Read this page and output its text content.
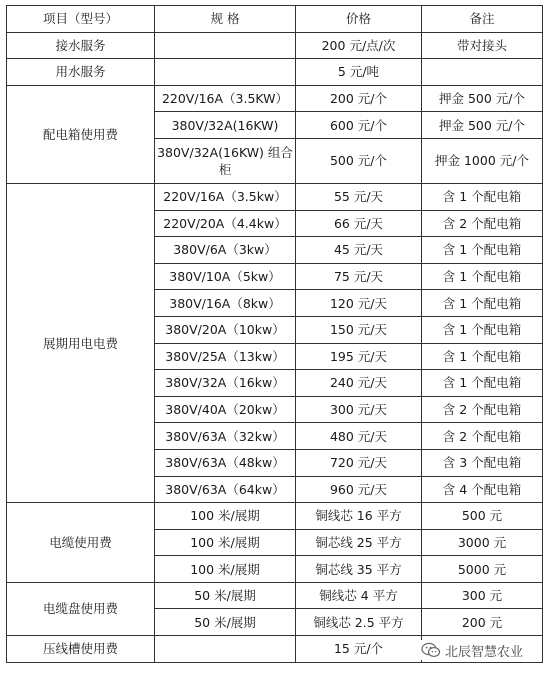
项目（型号）	规 格	价格	备注
接水服务		200 元/点/次	带对接头
用水服务		5 元/吨	
配电箱使用费	220V/16A（3.5KW）	200 元/个	押金 500 元/个
	380V/32A(16KW)	600 元/个	押金 500 元/个
	380V/32A(16KW) 组合柜	500 元/个	押金 1000 元/个
展期用电电费	220V/16A（3.5kw）	55 元/天	含 1 个配电箱
	220V/20A（4.4kw）	66 元/天	含 2 个配电箱
	380V/6A（3kw）	45 元/天	含 1 个配电箱
	380V/10A（5kw）	75 元/天	含 1 个配电箱
	380V/16A（8kw）	120 元/天	含 1 个配电箱
	380V/20A（10kw）	150 元/天	含 1 个配电箱
	380V/25A（13kw）	195 元/天	含 1 个配电箱
	380V/32A（16kw）	240 元/天	含 1 个配电箱
	380V/40A（20kw）	300 元/天	含 2 个配电箱
	380V/63A（32kw）	480 元/天	含 2 个配电箱
	380V/63A（48kw）	720 元/天	含 3 个配电箱
	380V/63A（64kw）	960 元/天	含 4 个配电箱
电缆使用费	100 米/展期	铜线芯 16 平方	500 元
	100 米/展期	铜芯线 25 平方	3000 元
	100 米/展期	铜芯线 35 平方	5000 元
电缆盘使用费	50 米/展期	铜线芯 4 平方	300 元
	50 米/展期	铜线芯 2.5 平方	200 元
压线槽使用费		15 元/个		北辰智慧农业
